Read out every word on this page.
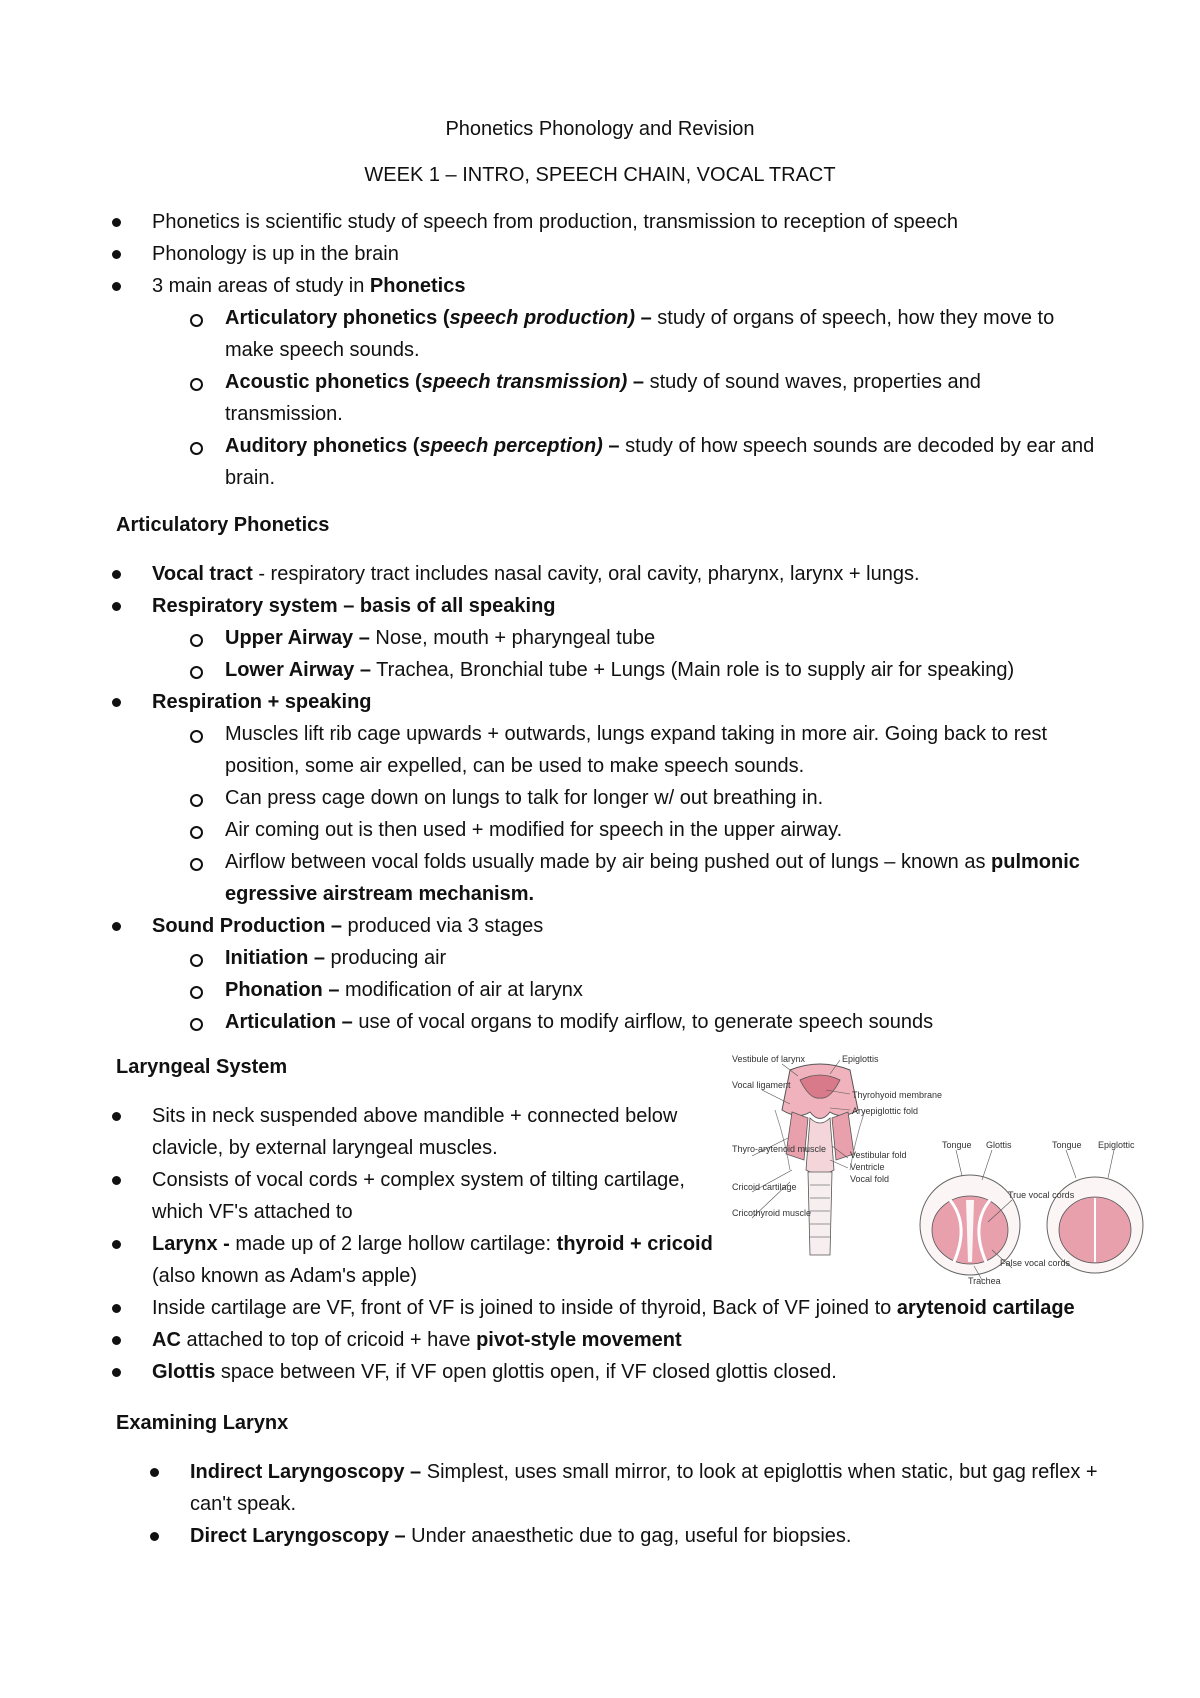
Phonetics Phonology and Revision
WEEK 1 – INTRO, SPEECH CHAIN, VOCAL TRACT
Phonetics is scientific study of speech from production, transmission to reception of speech
Phonology is up in the brain
3 main areas of study in Phonetics
Articulatory phonetics (speech production) – study of organs of speech, how they move to
make speech sounds.
Acoustic phonetics (speech transmission) – study of sound waves, properties and
transmission.
Auditory phonetics (speech perception) – study of how speech sounds are decoded by ear and
brain.
Articulatory Phonetics
Vocal tract - respiratory tract includes nasal cavity, oral cavity, pharynx, larynx + lungs.
Respiratory system – basis of all speaking
Upper Airway – Nose, mouth + pharyngeal tube
Lower Airway – Trachea, Bronchial tube + Lungs (Main role is to supply air for speaking)
Respiration + speaking
Muscles lift rib cage upwards + outwards, lungs expand taking in more air. Going back to rest
position, some air expelled, can be used to make speech sounds.
Can press cage down on lungs to talk for longer w/ out breathing in.
Air coming out is then used + modified for speech in the upper airway.
Airflow between vocal folds usually made by air being pushed out of lungs – known as pulmonic
egressive airstream mechanism.
Sound Production – produced via 3 stages
Initiation – producing air
Phonation – modification of air at larynx
Articulation – use of vocal organs to modify airflow, to generate speech sounds
Laryngeal System
Sits in neck suspended above mandible + connected below
clavicle, by external laryngeal muscles.
Consists of vocal cords + complex system of tilting cartilage,
which VF's attached to
Larynx - made up of 2 large hollow cartilage: thyroid + cricoid
(also known as Adam's apple)
Inside cartilage are VF, front of VF is joined to inside of thyroid, Back of VF joined to arytenoid cartilage
AC attached to top of cricoid + have pivot-style movement
Glottis space between VF, if VF open glottis open, if VF closed glottis closed.
Vestibule of larynx	Epiglottis
Vocal ligament
Thyrohyoid membrane
Aryepiglottic fold
Thyro-arytenoid muscle
Vestibular fold
Ventricle
Vocal fold
Cricoid cartilage
Cricothyroid muscle
Tongue Glottis	Tongue Epiglottic
True vocal cords
False vocal cords
Trachea
Examining Larynx
Indirect Laryngoscopy – Simplest, uses small mirror, to look at epiglottis when static, but gag reflex +
can't speak.
Direct Laryngoscopy – Under anaesthetic due to gag, useful for biopsies.
